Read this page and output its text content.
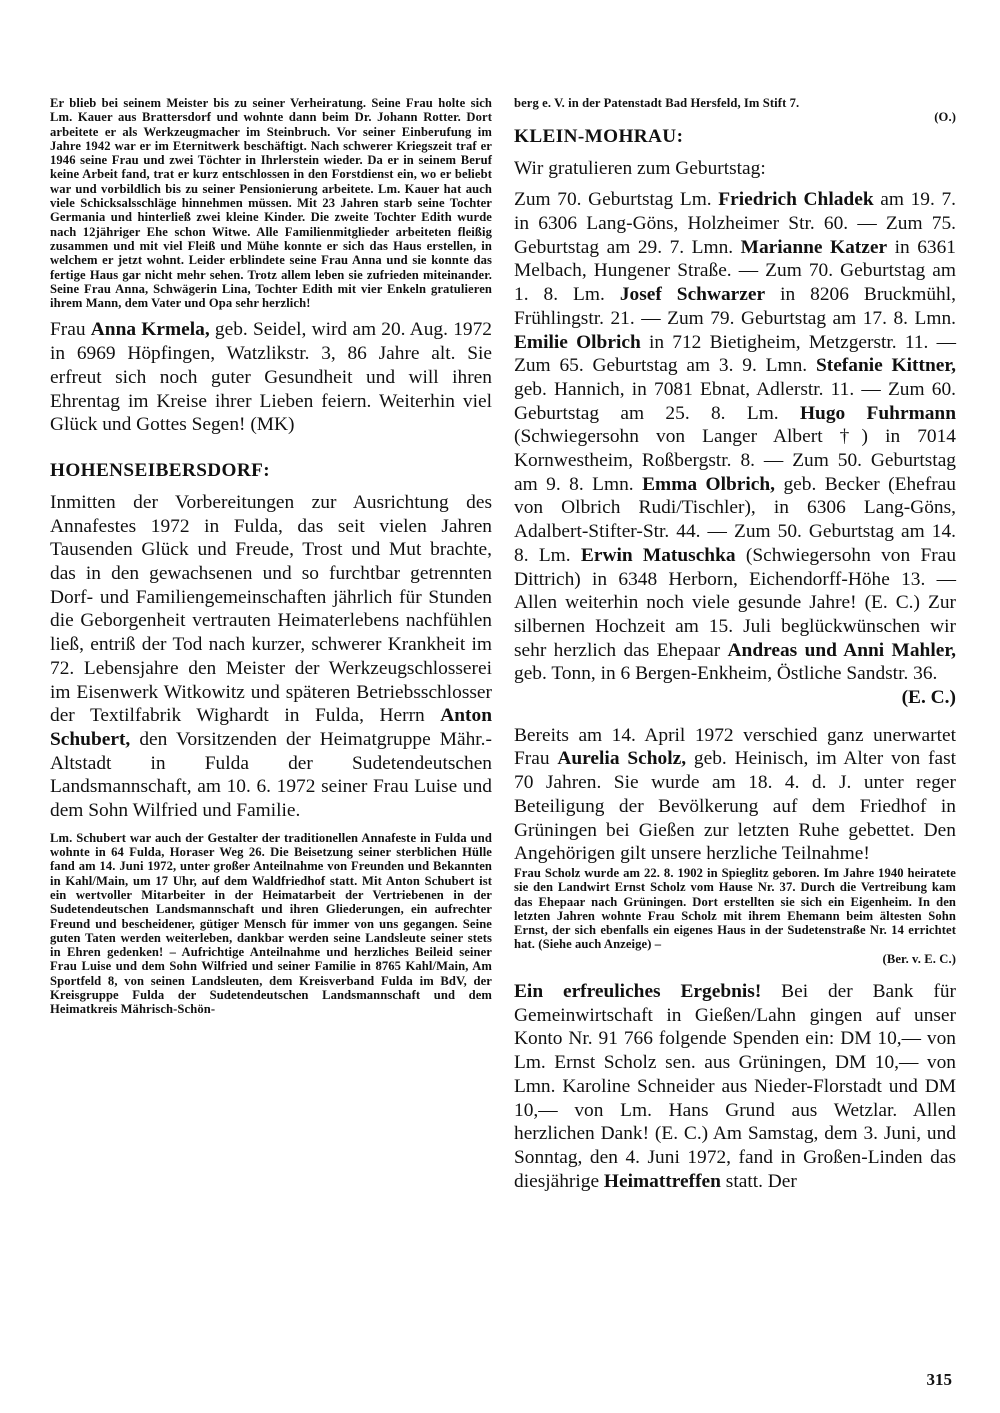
Er blieb bei seinem Meister bis zu seiner Verheiratung. Seine Frau holte sich Lm. Kauer aus Brattersdorf und wohnte dann beim Dr. Johann Rotter. Dort arbeitete er als Werkzeugmacher im Steinbruch. Vor seiner Einberufung im Jahre 1942 war er im Eternitwerk beschäftigt. Nach schwerer Kriegszeit traf er 1946 seine Frau und zwei Töchter in Ihrlerstein wieder. Da er in seinem Beruf keine Arbeit fand, trat er kurz entschlossen in den Forstdienst ein, wo er beliebt war und vorbildlich bis zu seiner Pensionierung arbeitete. Lm. Kauer hat auch viele Schicksalsschläge hinnehmen müssen. Mit 23 Jahren starb seine Tochter Germania und hinterließ zwei kleine Kinder. Die zweite Tochter Edith wurde nach 12jähriger Ehe schon Witwe. Alle Familienmitglieder arbeiteten fleißig zusammen und mit viel Fleiß und Mühe konnte er sich das Haus erstellen, in welchem er jetzt wohnt. Leider erblindete seine Frau Anna und sie konnte das fertige Haus gar nicht mehr sehen. Trotz allem leben sie zufrieden miteinander. Seine Frau Anna, Schwägerin Lina, Tochter Edith mit vier Enkeln gratulieren ihrem Mann, dem Vater und Opa sehr herzlich!

Frau Anna Krmela, geb. Seidel, wird am 20. Aug. 1972 in 6969 Höpfingen, Watzlikstr. 3, 86 Jahre alt. Sie erfreut sich noch guter Gesundheit und will ihren Ehrentag im Kreise ihrer Lieben feiern. Weiterhin viel Glück und Gottes Segen! (MK)

HOHENSEIBERSDORF:

Inmitten der Vorbereitungen zur Ausrichtung des Annafestes 1972 in Fulda, das seit vielen Jahren Tausenden Glück und Freude, Trost und Mut brachte, das in den gewachsenen und so furchtbar getrennten Dorf- und Familiengemeinschaften jährlich für Stunden die Geborgenheit vertrauten Heimaterlebens nachfühlen ließ, entriß der Tod nach kurzer, schwerer Krankheit im 72. Lebensjahre den Meister der Werkzeugschlosserei im Eisenwerk Witkowitz und späteren Betriebsschlosser der Textilfabrik Wighardt in Fulda, Herrn Anton Schubert, den Vorsitzenden der Heimatgruppe Mähr.-Altstadt in Fulda der Sudetendeutschen Landsmannschaft, am 10. 6. 1972 seiner Frau Luise und dem Sohn Wilfried und Familie.

Lm. Schubert war auch der Gestalter der traditionellen Annafeste in Fulda und wohnte in 64 Fulda, Horaser Weg 26. Die Beisetzung seiner sterblichen Hülle fand am 14. Juni 1972, unter großer Anteilnahme von Freunden und Bekannten in Kahl/Main, um 17 Uhr, auf dem Waldfriedhof statt. Mit Anton Schubert ist ein wertvoller Mitarbeiter in der Heimatarbeit der Vertriebenen in der Sudetendeutschen Landsmannschaft und ihren Gliederungen, ein aufrechter Freund und bescheidener, gütiger Mensch für immer von uns gegangen. Seine guten Taten werden weiterleben, dankbar werden seine Landsleute seiner stets in Ehren gedenken! – Aufrichtige Anteilnahme und herzliches Beileid seiner Frau Luise und dem Sohn Wilfried und seiner Familie in 8765 Kahl/Main, Am Sportfeld 8, von seinen Landsleuten, dem Kreisverband Fulda im BdV, der Kreisgruppe Fulda der Sudetendeutschen Landsmannschaft und dem Heimatkreis Mährisch-Schön-

berg e. V. in der Patenstadt Bad Hersfeld, Im Stift 7.

(O.)

KLEIN-MOHRAU:

Wir gratulieren zum Geburtstag:

Zum 70. Geburtstag Lm. Friedrich Chladek am 19. 7. in 6306 Lang-Göns, Holzheimer Str. 60. — Zum 75. Geburtstag am 29. 7. Lmn. Marianne Katzer in 6361 Melbach, Hungener Straße. — Zum 70. Geburtstag am 1. 8. Lm. Josef Schwarzer in 8206 Bruckmühl, Frühlingstr. 21. — Zum 79. Geburtstag am 17. 8. Lmn. Emilie Olbrich in 712 Bietigheim, Metzgerstr. 11. — Zum 65. Geburtstag am 3. 9. Lmn. Stefanie Kittner, geb. Hannich, in 7081 Ebnat, Adlerstr. 11. — Zum 60. Geburtstag am 25. 8. Lm. Hugo Fuhrmann (Schwiegersohn von Langer Albert †) in 7014 Kornwestheim, Roßbergstr. 8. — Zum 50. Geburtstag am 9. 8. Lmn. Emma Olbrich, geb. Becker (Ehefrau von Olbrich Rudi/Tischler), in 6306 Lang-Göns, Adalbert-Stifter-Str. 44. — Zum 50. Geburtstag am 14. 8. Lm. Erwin Matuschka (Schwiegersohn von Frau Dittrich) in 6348 Herborn, Eichendorff-Höhe 13. — Allen weiterhin noch viele gesunde Jahre! (E. C.) Zur silbernen Hochzeit am 15. Juli beglückwünschen wir sehr herzlich das Ehepaar Andreas und Anni Mahler, geb. Tonn, in 6 Bergen-Enkheim, Östliche Sandstr. 36.

(E. C.)

Bereits am 14. April 1972 verschied ganz unerwartet Frau Aurelia Scholz, geb. Heinisch, im Alter von fast 70 Jahren. Sie wurde am 18. 4. d. J. unter reger Beteiligung der Bevölkerung auf dem Friedhof in Grüningen bei Gießen zur letzten Ruhe gebettet. Den Angehörigen gilt unsere herzliche Teilnahme!

Frau Scholz wurde am 22. 8. 1902 in Spieglitz geboren. Im Jahre 1940 heiratete sie den Landwirt Ernst Scholz vom Hause Nr. 37. Durch die Vertreibung kam das Ehepaar nach Grüningen. Dort erstellten sie sich ein Eigenheim. In den letzten Jahren wohnte Frau Scholz mit ihrem Ehemann beim ältesten Sohn Ernst, der sich ebenfalls ein eigenes Haus in der Sudetenstraße Nr. 14 errichtet hat. (Siehe auch Anzeige) –

(Ber. v. E. C.)

Ein erfreuliches Ergebnis! Bei der Bank für Gemeinwirtschaft in Gießen/Lahn gingen auf unser Konto Nr. 91 766 folgende Spenden ein: DM 10,— von Lm. Ernst Scholz sen. aus Grüningen, DM 10,— von Lmn. Karoline Schneider aus Nieder-Florstadt und DM 10,— von Lm. Hans Grund aus Wetzlar. Allen herzlichen Dank! (E. C.) Am Samstag, dem 3. Juni, und Sonntag, den 4. Juni 1972, fand in Großen-Linden das diesjährige Heimattreffen statt. Der

315
